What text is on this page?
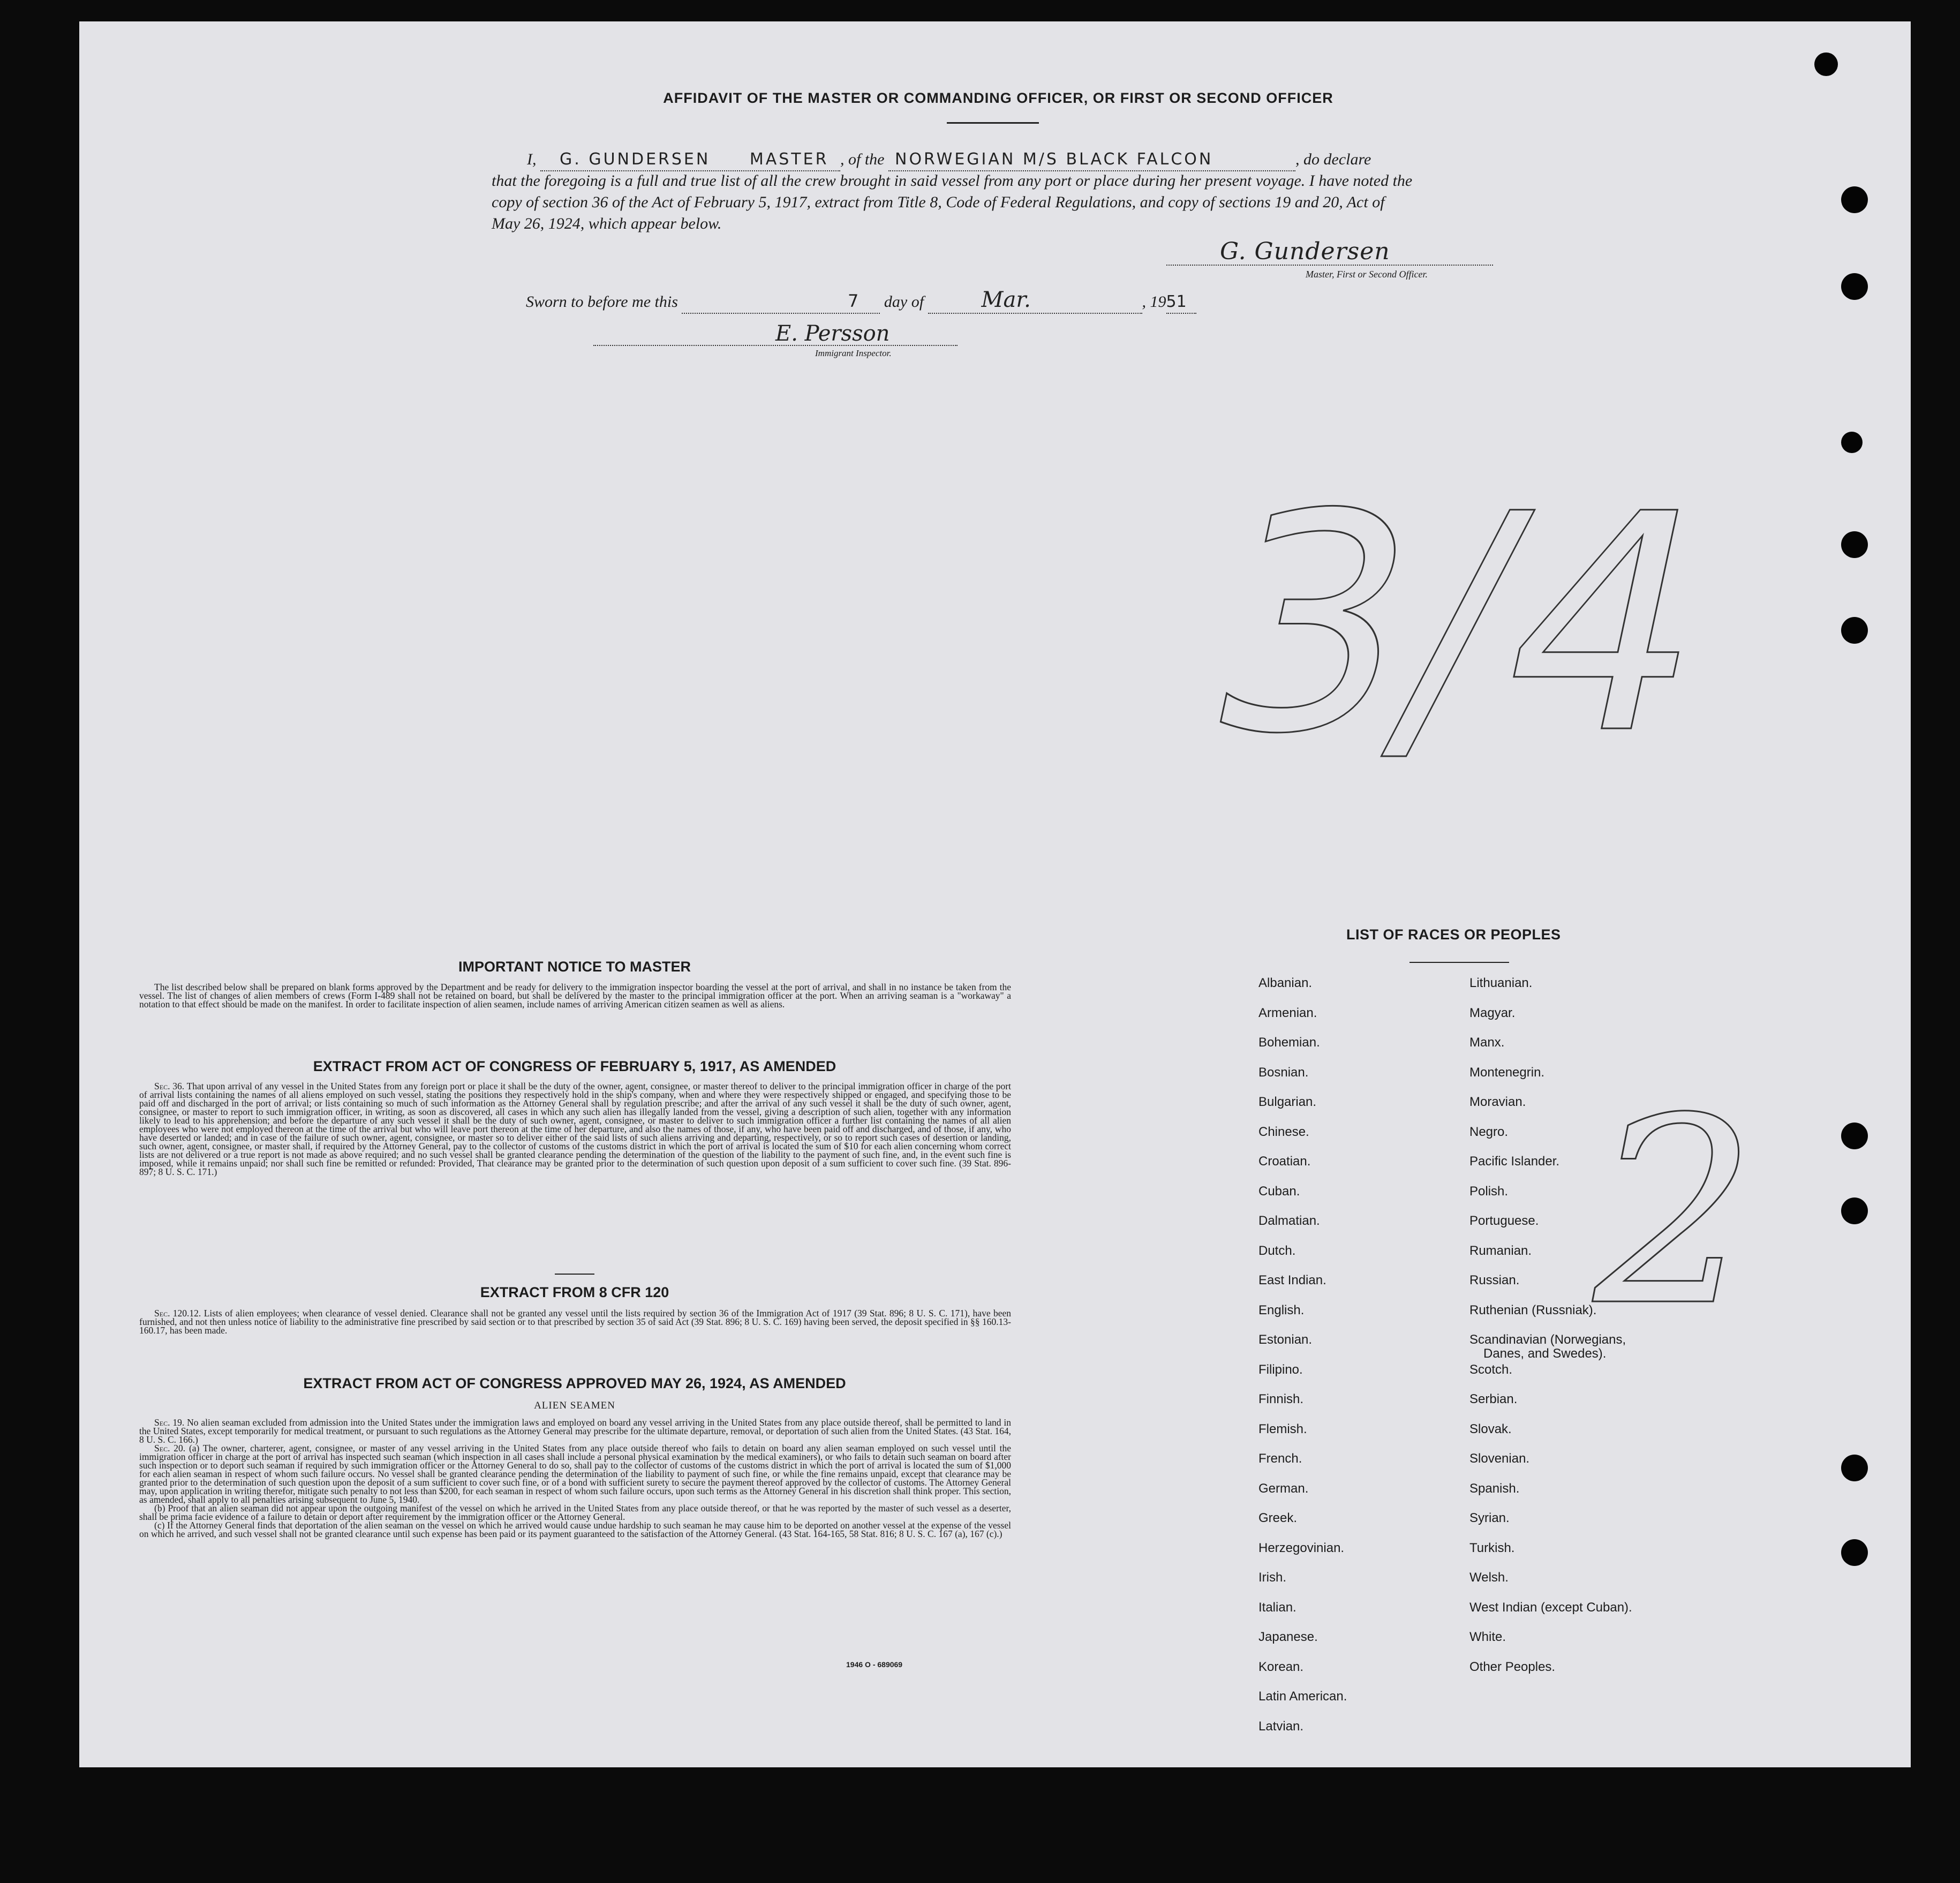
AFFIDAVIT OF THE MASTER OR COMMANDING OFFICER, OR FIRST OR SECOND OFFICER
I, G. GUNDERSEN MASTER , of the NORWEGIAN M/S BLACK FALCON	, do declare
that the foregoing is a full and true list of all the crew brought in said vessel from any port or place during her present voyage. I have noted the
copy of section 36 of the Act of February 5, 1917, extract from Title 8, Code of Federal Regulations, and copy of sections 19 and 20, Act of
May 26, 1924, which appear below.
G. Gundersen
Master, First or Second Officer.
Sworn to before me this	7 day of	Mar.	, 1951
E. Persson
Immigrant Inspector.
3/4
2
IMPORTANT NOTICE TO MASTER
The list described below shall be prepared on blank forms approved by the Department and be ready for delivery to the immigration inspector boarding the vessel at the port of arrival, and shall in no instance be taken from the vessel. The list of changes of alien members of crews (Form I-489 shall not be retained on board, but shall be delivered by the master to the principal immigration officer at the port. When an arriving seaman is a "workaway" a notation to that effect should be made on the manifest. In order to facilitate inspection of alien seamen, include names of arriving American citizen seamen as well as aliens.
EXTRACT FROM ACT OF CONGRESS OF FEBRUARY 5, 1917, AS AMENDED
Sec. 36. That upon arrival of any vessel in the United States from any foreign port or place it shall be the duty of the owner, agent, consignee, or master thereof to deliver to the principal immigration officer in charge of the port of arrival lists containing the names of all aliens employed on such vessel, stating the positions they respectively hold in the ship's company, when and where they were respectively shipped or engaged, and specifying those to be paid off and discharged in the port of arrival; or lists containing so much of such information as the Attorney General shall by regulation prescribe; and after the arrival of any such vessel it shall be the duty of such owner, agent, consignee, or master to report to such immigration officer, in writing, as soon as discovered, all cases in which any such alien has illegally landed from the vessel, giving a description of such alien, together with any information likely to lead to his apprehension; and before the departure of any such vessel it shall be the duty of such owner, agent, consignee, or master to deliver to such immigration officer a further list containing the names of all alien employees who were not employed thereon at the time of the arrival but who will leave port thereon at the time of her departure, and also the names of those, if any, who have been paid off and discharged, and of those, if any, who have deserted or landed; and in case of the failure of such owner, agent, consignee, or master so to deliver either of the said lists of such aliens arriving and departing, respectively, or so to report such cases of desertion or landing, such owner, agent, consignee, or master shall, if required by the Attorney General, pay to the collector of customs of the customs district in which the port of arrival is located the sum of $10 for each alien concerning whom correct lists are not delivered or a true report is not made as above required; and no such vessel shall be granted clearance pending the determination of the question of the liability to the payment of such fine, and, in the event such fine is imposed, while it remains unpaid; nor shall such fine be remitted or refunded: Provided, That clearance may be granted prior to the determination of such question upon deposit of a sum sufficient to cover such fine. (39 Stat. 896-897; 8 U. S. C. 171.)
EXTRACT FROM 8 CFR 120
Sec. 120.12. Lists of alien employees; when clearance of vessel denied. Clearance shall not be granted any vessel until the lists required by section 36 of the Immigration Act of 1917 (39 Stat. 896; 8 U. S. C. 171), have been furnished, and not then unless notice of liability to the administrative fine prescribed by said section or to that prescribed by section 35 of said Act (39 Stat. 896; 8 U. S. C. 169) having been served, the deposit specified in §§ 160.13-160.17, has been made.
EXTRACT FROM ACT OF CONGRESS APPROVED MAY 26, 1924, AS AMENDED
ALIEN SEAMEN
Sec. 19. No alien seaman excluded from admission into the United States under the immigration laws and employed on board any vessel arriving in the United States from any place outside thereof, shall be permitted to land in the United States, except temporarily for medical treatment, or pursuant to such regulations as the Attorney General may prescribe for the ultimate departure, removal, or deportation of such alien from the United States. (43 Stat. 164, 8 U. S. C. 166.)
Sec. 20. (a) The owner, charterer, agent, consignee, or master of any vessel arriving in the United States from any place outside thereof who fails to detain on board any alien seaman employed on such vessel until the immigration officer in charge at the port of arrival has inspected such seaman (which inspection in all cases shall include a personal physical examination by the medical examiners), or who fails to detain such seaman on board after such inspection or to deport such seaman if required by such immigration officer or the Attorney General to do so, shall pay to the collector of customs of the customs district in which the port of arrival is located the sum of $1,000 for each alien seaman in respect of whom such failure occurs. No vessel shall be granted clearance pending the determination of the liability to payment of such fine, or while the fine remains unpaid, except that clearance may be granted prior to the determination of such question upon the deposit of a sum sufficient to cover such fine, or of a bond with sufficient surety to secure the payment thereof approved by the collector of customs. The Attorney General may, upon application in writing therefor, mitigate such penalty to not less than $200, for each seaman in respect of whom such failure occurs, upon such terms as the Attorney General in his discretion shall think proper. This section, as amended, shall apply to all penalties arising subsequent to June 5, 1940.
(b) Proof that an alien seaman did not appear upon the outgoing manifest of the vessel on which he arrived in the United States from any place outside thereof, or that he was reported by the master of such vessel as a deserter, shall be prima facie evidence of a failure to detain or deport after requirement by the immigration officer or the Attorney General.
(c) If the Attorney General finds that deportation of the alien seaman on the vessel on which he arrived would cause undue hardship to such seaman he may cause him to be deported on another vessel at the expense of the vessel on which he arrived, and such vessel shall not be granted clearance until such expense has been paid or its payment guaranteed to the satisfaction of the Attorney General. (43 Stat. 164-165, 58 Stat. 816; 8 U. S. C. 167 (a), 167 (c).)
1946 O - 689069
LIST OF RACES OR PEOPLES
Albanian.
Armenian.
Bohemian.
Bosnian.
Bulgarian.
Chinese.
Croatian.
Cuban.
Dalmatian.
Dutch.
East Indian.
English.
Estonian.
Filipino.
Finnish.
Flemish.
French.
German.
Greek.
Herzegovinian.
Irish.
Italian.
Japanese.
Korean.
Latin American.
Latvian.
Lithuanian.
Magyar.
Manx.
Montenegrin.
Moravian.
Negro.
Pacific Islander.
Polish.
Portuguese.
Rumanian.
Russian.
Ruthenian (Russniak).
Scandinavian (Norwegians,
Danes, and Swedes).
Scotch.
Serbian.
Slovak.
Slovenian.
Spanish.
Syrian.
Turkish.
Welsh.
West Indian (except Cuban).
White.
Other Peoples.
